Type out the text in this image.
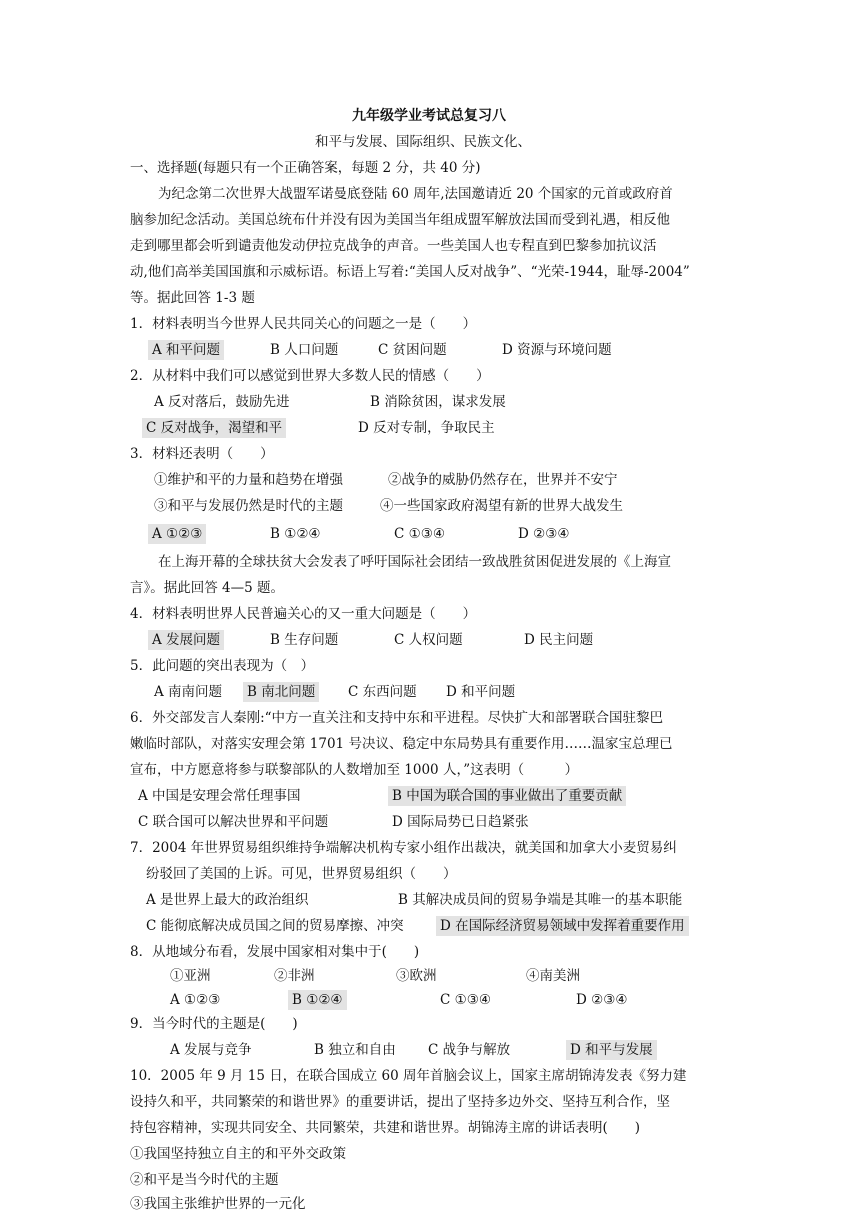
九年级学业考试总复习八
和平与发展、国际组织、民族文化、
一、选择题(每题只有一个正确答案，每题 2 分，共 40 分)
为纪念第二次世界大战盟军诺曼底登陆 60 周年,法国邀请近 20 个国家的元首或政府首
脑参加纪念活动。美国总统布什并没有因为美国当年组成盟军解放法国而受到礼遇，相反他
走到哪里都会听到谴责他发动伊拉克战争的声音。一些美国人也专程直到巴黎参加抗议活
动,他们高举美国国旗和示威标语。标语上写着:“美国人反对战争”、“光荣-1944，耻辱-2004”
等。据此回答 1-3 题
1．材料表明当今世界人民共同关心的问题之一是（　　）
A 和平问题	B 人口问题	C 贫困问题	D 资源与环境问题
2．从材料中我们可以感觉到世界大多数人民的情感（　　）
A 反对落后，鼓励先进	B 消除贫困，谋求发展
C 反对战争，渴望和平	D 反对专制，争取民主
3．材料还表明（　　）
①维护和平的力量和趋势在增强	②战争的威胁仍然存在，世界并不安宁
③和平与发展仍然是时代的主题	④一些国家政府渴望有新的世界大战发生
A ①②③	B ①②④	C ①③④	D ②③④
在上海开幕的全球扶贫大会发表了呼吁国际社会团结一致战胜贫困促进发展的《上海宣
言》。据此回答 4—5 题。
4．材料表明世界人民普遍关心的又一重大问题是（　　）
A 发展问题	B 生存问题	C 人权问题	D 民主问题
5．此问题的突出表现为（　）
A 南南问题 B 南北问题 C 东西问题 D 和平问题
6．外交部发言人秦刚:“中方一直关注和支持中东和平进程。尽快扩大和部署联合国驻黎巴
嫩临时部队，对落实安理会第 1701 号决议、稳定中东局势具有重要作用……温家宝总理已
宣布，中方愿意将参与联黎部队的人数增加至 1000 人，”这表明（　　　）
A 中国是安理会常任理事国	B 中国为联合国的事业做出了重要贡献
C 联合国可以解决世界和平问题	D 国际局势已日趋紧张
7．2004 年世界贸易组织维持争端解决机构专家小组作出裁决，就美国和加拿大小麦贸易纠
纷驳回了美国的上诉。可见，世界贸易组织（　　）
A 是世界上最大的政治组织	B 其解决成员间的贸易争端是其唯一的基本职能
C 能彻底解决成员国之间的贸易摩擦、冲突	D 在国际经济贸易领域中发挥着重要作用
8．从地域分布看，发展中国家相对集中于(　　)
①亚洲	②非洲	③欧洲	④南美洲
A ①②③	B ①②④	C ①③④	D ②③④
9．当今时代的主题是(　　)
A 发展与竞争	B 独立和自由 C 战争与解放	D 和平与发展
10．2005 年 9 月 15 日，在联合国成立 60 周年首脑会议上，国家主席胡锦涛发表《努力建
设持久和平，共同繁荣的和谐世界》的重要讲话，提出了坚持多边外交、坚持互利合作，坚
持包容精神，实现共同安全、共同繁荣，共建和谐世界。胡锦涛主席的讲话表明(　　)
①我国坚持独立自主的和平外交政策
②和平是当今时代的主题
③我国主张维护世界的一元化
